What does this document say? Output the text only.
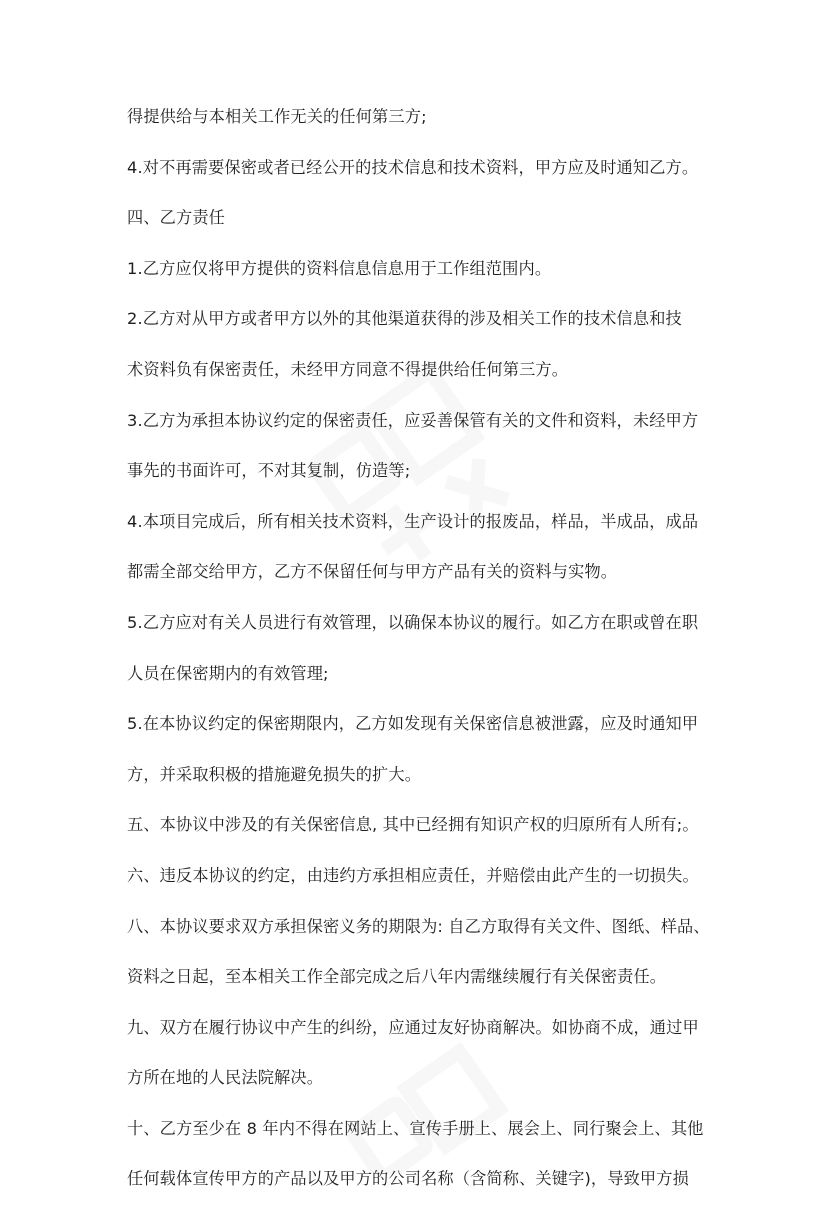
得提供给与本相关工作无关的任何第三方;
4.对不再需要保密或者已经公开的技术信息和技术资料，甲方应及时通知乙方。
四、乙方责任
1.乙方应仅将甲方提供的资料信息信息用于工作组范围内。
2.乙方对从甲方或者甲方以外的其他渠道获得的涉及相关工作的技术信息和技
术资料负有保密责任，未经甲方同意不得提供给任何第三方。
3.乙方为承担本协议约定的保密责任，应妥善保管有关的文件和资料，未经甲方
事先的书面许可，不对其复制，仿造等;
4.本项目完成后，所有相关技术资料，生产设计的报废品，样品，半成品，成品
都需全部交给甲方，乙方不保留任何与甲方产品有关的资料与实物。
5.乙方应对有关人员进行有效管理，以确保本协议的履行。如乙方在职或曾在职
人员在保密期内的有效管理;
5.在本协议约定的保密期限内，乙方如发现有关保密信息被泄露，应及时通知甲
方，并采取积极的措施避免损失的扩大。
五、本协议中涉及的有关保密信息, 其中已经拥有知识产权的归原所有人所有;。
六、违反本协议的约定，由违约方承担相应责任，并赔偿由此产生的一切损失。
八、本协议要求双方承担保密义务的期限为: 自乙方取得有关文件、图纸、样品、
资料之日起，至本相关工作全部完成之后八年内需继续履行有关保密责任。
九、双方在履行协议中产生的纠纷，应通过友好协商解决。如协商不成，通过甲
方所在地的人民法院解决。
十、乙方至少在 8 年内不得在网站上、宣传手册上、展会上、同行聚会上、其他
任何载体宣传甲方的产品以及甲方的公司名称（含简称、关键字)，导致甲方损
